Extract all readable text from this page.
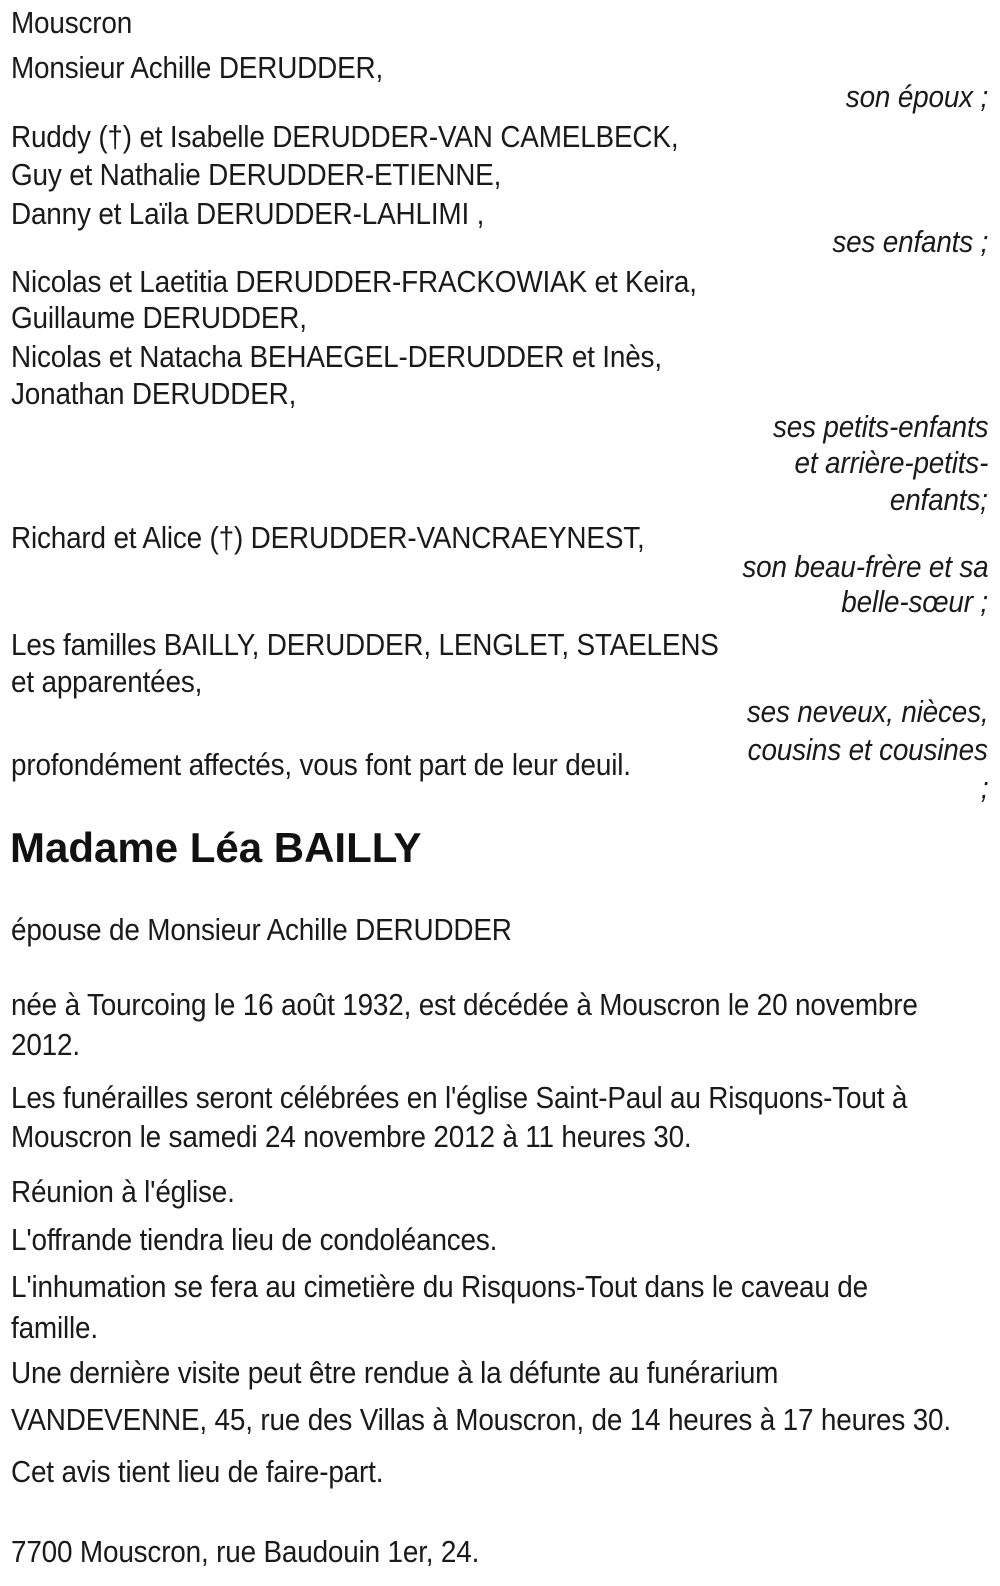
Mouscron
Monsieur Achille DERUDDER,
son époux ;
Ruddy (†) et Isabelle DERUDDER-VAN CAMELBECK,
Guy et Nathalie DERUDDER-ETIENNE,
Danny et Laïla DERUDDER-LAHLIMI ,
ses enfants ;
Nicolas et Laetitia DERUDDER-FRACKOWIAK et Keira,
Guillaume DERUDDER,
Nicolas et Natacha BEHAEGEL-DERUDDER et Inès,
Jonathan DERUDDER,
ses petits-enfants
et arrière-petits-
enfants;
Richard et Alice (†) DERUDDER-VANCRAEYNEST,
son beau-frère et sa
belle-sœur ;
Les familles BAILLY, DERUDDER, LENGLET, STAELENS
et apparentées,
ses neveux, nièces,
cousins et cousines
;
profondément affectés, vous font part de leur deuil.
Madame Léa BAILLY
épouse de Monsieur Achille DERUDDER
née à Tourcoing le 16 août 1932, est décédée à Mouscron le 20 novembre
2012.
Les funérailles seront célébrées en l'église Saint-Paul au Risquons-Tout à
Mouscron le samedi 24 novembre 2012 à 11 heures 30.
Réunion à l'église.
L'offrande tiendra lieu de condoléances.
L'inhumation se fera au cimetière du Risquons-Tout dans le caveau de
famille.
Une dernière visite peut être rendue à la défunte au funérarium
VANDEVENNE, 45, rue des Villas à Mouscron, de 14 heures à 17 heures 30.
Cet avis tient lieu de faire-part.
7700 Mouscron, rue Baudouin 1er, 24.
